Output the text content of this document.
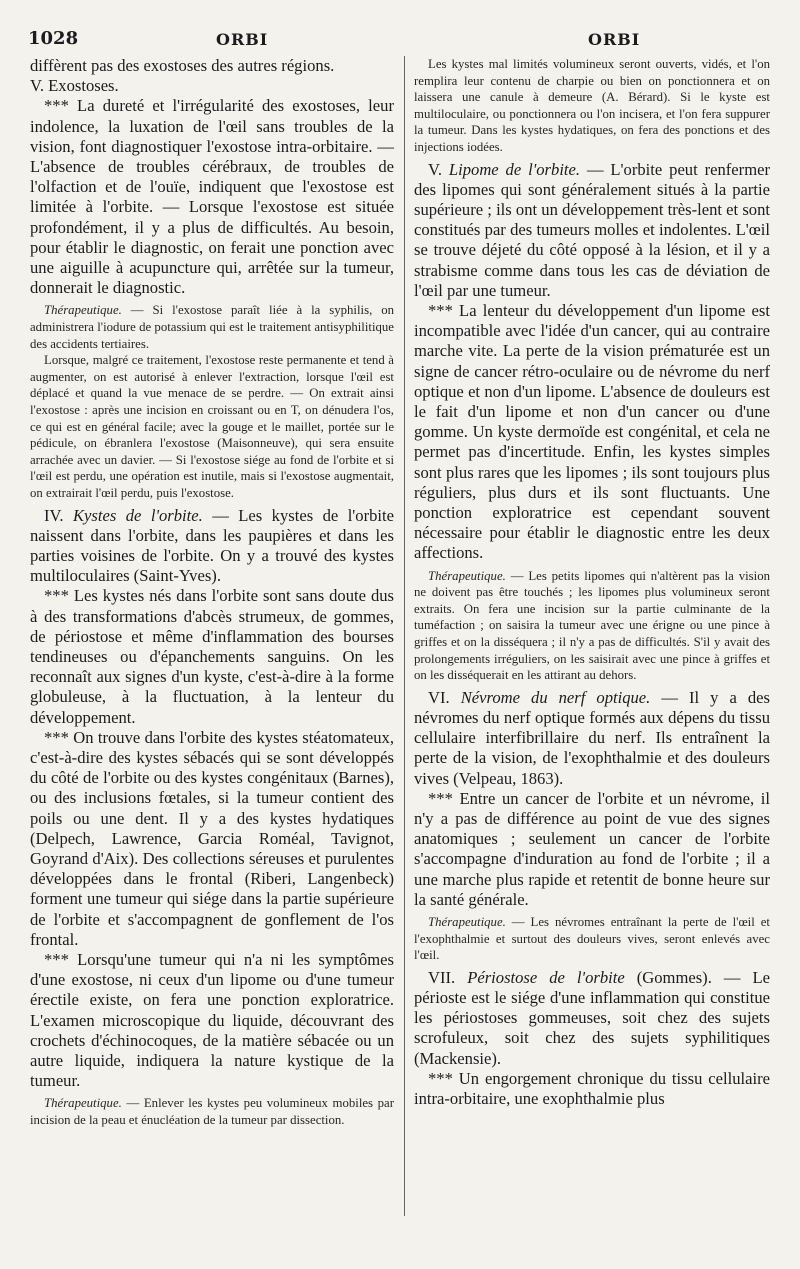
1028	ORBI	ORBI

diffèrent pas des exostoses des autres régions.

V. Exostoses.

*** La dureté et l'irrégularité des exostoses, leur indolence, la luxation de l'œil sans troubles de la vision, font diagnostiquer l'exostose intra-orbitaire. — L'absence de troubles cérébraux, de troubles de l'olfaction et de l'ouïe, indiquent que l'exostose est limitée à l'orbite. — Lorsque l'exostose est située profondément, il y a plus de difficultés. Au besoin, pour établir le diagnostic, on ferait une ponction avec une aiguille à acupuncture qui, arrêtée sur la tumeur, donnerait le diagnostic.

Thérapeutique. — Si l'exostose paraît liée à la syphilis, on administrera l'iodure de potassium qui est le traitement antisyphilitique des accidents tertiaires.

Lorsque, malgré ce traitement, l'exostose reste permanente et tend à augmenter, on est autorisé à enlever l'extraction, lorsque l'œil est déplacé et quand la vue menace de se perdre. — On extrait ainsi l'exostose : après une incision en croissant ou en T, on dénudera l'os, ce qui est en général facile; avec la gouge et le maillet, portée sur le pédicule, on ébranlera l'exostose (Maisonneuve), qui sera ensuite arrachée avec un davier. — Si l'exostose siége au fond de l'orbite et si l'œil est perdu, une opération est inutile, mais si l'exostose augmentait, on extrairait l'œil perdu, puis l'exostose.

IV. Kystes de l'orbite. — Les kystes de l'orbite naissent dans l'orbite, dans les paupières et dans les parties voisines de l'orbite. On y a trouvé des kystes multiloculaires (Saint-Yves).

*** Les kystes nés dans l'orbite sont sans doute dus à des transformations d'abcès strumeux, de gommes, de périostose et même d'inflammation des bourses tendineuses ou d'épanchements sanguins. On les reconnaît aux signes d'un kyste, c'est-à-dire à la forme globuleuse, à la fluctuation, à la lenteur du développement.

*** On trouve dans l'orbite des kystes stéatomateux, c'est-à-dire des kystes sébacés qui se sont développés du côté de l'orbite ou des kystes congénitaux (Barnes), ou des inclusions fœtales, si la tumeur contient des poils ou une dent. Il y a des kystes hydatiques (Delpech, Lawrence, Garcia Roméal, Tavignot, Goyrand d'Aix). Des collections séreuses et purulentes développées dans le frontal (Riberi, Langenbeck) forment une tumeur qui siége dans la partie supérieure de l'orbite et s'accompagnent de gonflement de l'os frontal.

*** Lorsqu'une tumeur qui n'a ni les symptômes d'une exostose, ni ceux d'un lipome ou d'une tumeur érectile existe, on fera une ponction exploratrice. L'examen microscopique du liquide, découvrant des crochets d'échinocoques, de la matière sébacée ou un autre liquide, indiquera la nature kystique de la tumeur.

Thérapeutique. — Enlever les kystes peu volumineux mobiles par incision de la peau et énucléation de la tumeur par dissection.

Les kystes mal limités volumineux seront ouverts, vidés, et l'on remplira leur contenu de charpie ou bien on ponctionnera et on laissera une canule à demeure (A. Bérard). Si le kyste est multiloculaire, ou ponctionnera ou l'on incisera, et l'on fera suppurer la tumeur. Dans les kystes hydatiques, on fera des ponctions et des injections iodées.

V. Lipome de l'orbite. — L'orbite peut renfermer des lipomes qui sont généralement situés à la partie supérieure ; ils ont un développement très-lent et sont constitués par des tumeurs molles et indolentes. L'œil se trouve déjeté du côté opposé à la lésion, et il y a strabisme comme dans tous les cas de déviation de l'œil par une tumeur.

*** La lenteur du développement d'un lipome est incompatible avec l'idée d'un cancer, qui au contraire marche vite. La perte de la vision prématurée est un signe de cancer rétro-oculaire ou de névrome du nerf optique et non d'un lipome. L'absence de douleurs est le fait d'un lipome et non d'un cancer ou d'une gomme. Un kyste dermoïde est congénital, et cela ne permet pas d'incertitude. Enfin, les kystes simples sont plus rares que les lipomes ; ils sont toujours plus réguliers, plus durs et ils sont fluctuants. Une ponction exploratrice est cependant souvent nécessaire pour établir le diagnostic entre les deux affections.

Thérapeutique. — Les petits lipomes qui n'altèrent pas la vision ne doivent pas être touchés ; les lipomes plus volumineux seront extraits. On fera une incision sur la partie culminante de la tuméfaction ; on saisira la tumeur avec une érigne ou une pince à griffes et on la disséquera ; il n'y a pas de difficultés. S'il y avait des prolongements irréguliers, on les saisirait avec une pince à griffes et on les disséquerait en les attirant au dehors.

VI. Névrome du nerf optique. — Il y a des névromes du nerf optique formés aux dépens du tissu cellulaire interfibrillaire du nerf. Ils entraînent la perte de la vision, de l'exophthalmie et des douleurs vives (Velpeau, 1863).

*** Entre un cancer de l'orbite et un névrome, il n'y a pas de différence au point de vue des signes anatomiques ; seulement un cancer de l'orbite s'accompagne d'induration au fond de l'orbite ; il a une marche plus rapide et retentit de bonne heure sur la santé générale.

Thérapeutique. — Les névromes entraînant la perte de l'œil et l'exophthalmie et surtout des douleurs vives, seront enlevés avec l'œil.

VII. Périostose de l'orbite (Gommes). — Le périoste est le siége d'une inflammation qui constitue les périostoses gommeuses, soit chez des sujets scrofuleux, soit chez des sujets syphilitiques (Mackensie).

*** Un engorgement chronique du tissu cellulaire intra-orbitaire, une exophthalmie plus
